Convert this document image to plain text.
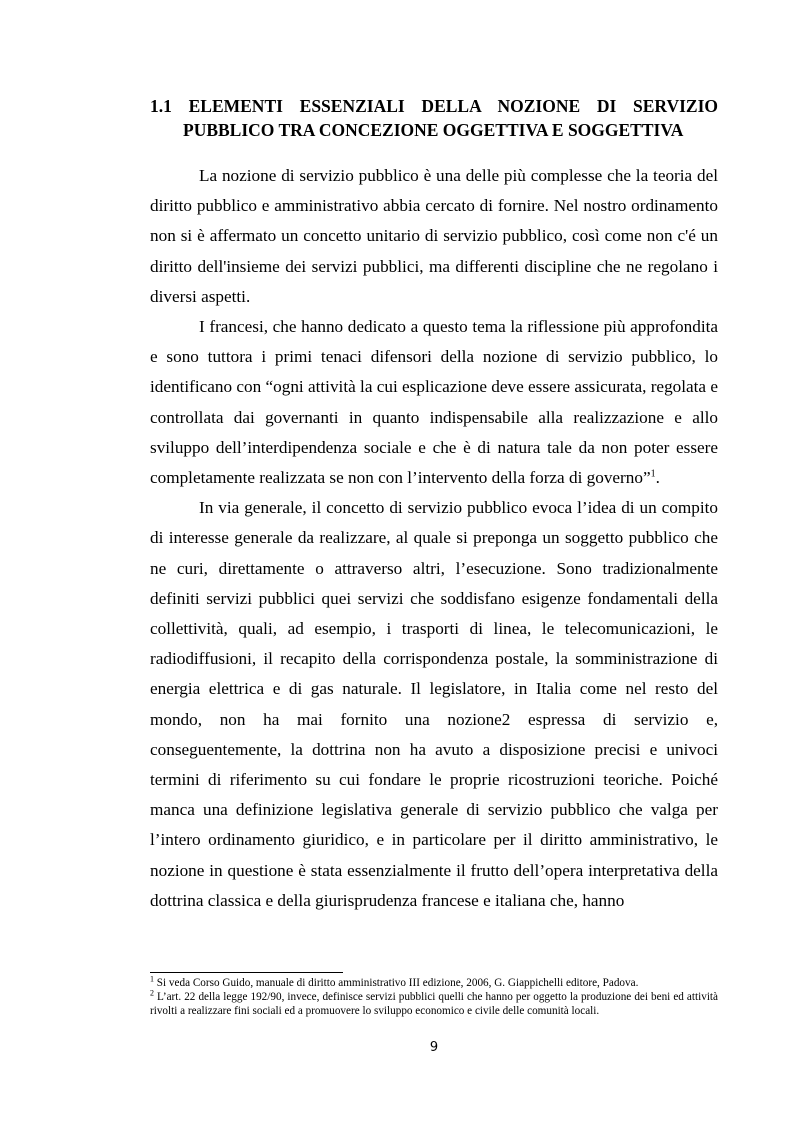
1.1 ELEMENTI ESSENZIALI DELLA NOZIONE DI SERVIZIO
PUBBLICO TRA CONCEZIONE OGGETTIVA E SOGGETTIVA

La nozione di servizio pubblico è una delle più complesse che la teoria del diritto pubblico e amministrativo abbia cercato di fornire. Nel nostro ordinamento non si è affermato un concetto unitario di servizio pubblico, così come non c'é un diritto dell'insieme dei servizi pubblici, ma differenti discipline che ne regolano i diversi aspetti.

I francesi, che hanno dedicato a questo tema la riflessione più approfondita e sono tuttora i primi tenaci difensori della nozione di servizio pubblico, lo identificano con “ogni attività la cui esplicazione deve essere assicurata, regolata e controllata dai governanti in quanto indispensabile alla realizzazione e allo sviluppo dell’interdipendenza sociale e che è di natura tale da non poter essere completamente realizzata se non con l’intervento della forza di governo”$^1$.

In via generale, il concetto di servizio pubblico evoca l’idea di un compito di interesse generale da realizzare, al quale si preponga un soggetto pubblico che ne curi, direttamente o attraverso altri, l’esecuzione. Sono tradizionalmente definiti servizi pubblici quei servizi che soddisfano esigenze fondamentali della collettività, quali, ad esempio, i trasporti di linea, le telecomunicazioni, le radiodiffusioni, il recapito della corrispondenza postale, la somministrazione di energia elettrica e di gas naturale. Il legislatore, in Italia come nel resto del mondo, non ha mai fornito una nozione2 espressa di servizio e, conseguentemente, la dottrina non ha avuto a disposizione precisi e univoci termini di riferimento su cui fondare le proprie ricostruzioni teoriche. Poiché manca una definizione legislativa generale di servizio pubblico che valga per l’intero ordinamento giuridico, e in particolare per il diritto amministrativo, le nozione in questione è stata essenzialmente il frutto dell’opera interpretativa della dottrina classica e della giurisprudenza francese e italiana che, hanno

$^1$ Si veda Corso Guido, manuale di diritto amministrativo III edizione, 2006, G. Giappichelli editore, Padova.

$^2$ L’art. 22 della legge 192/90, invece, definisce servizi pubblici quelli che hanno per oggetto la produzione dei beni ed attività rivolti a realizzare fini sociali ed a promuovere lo sviluppo economico e civile delle comunità locali.

9
